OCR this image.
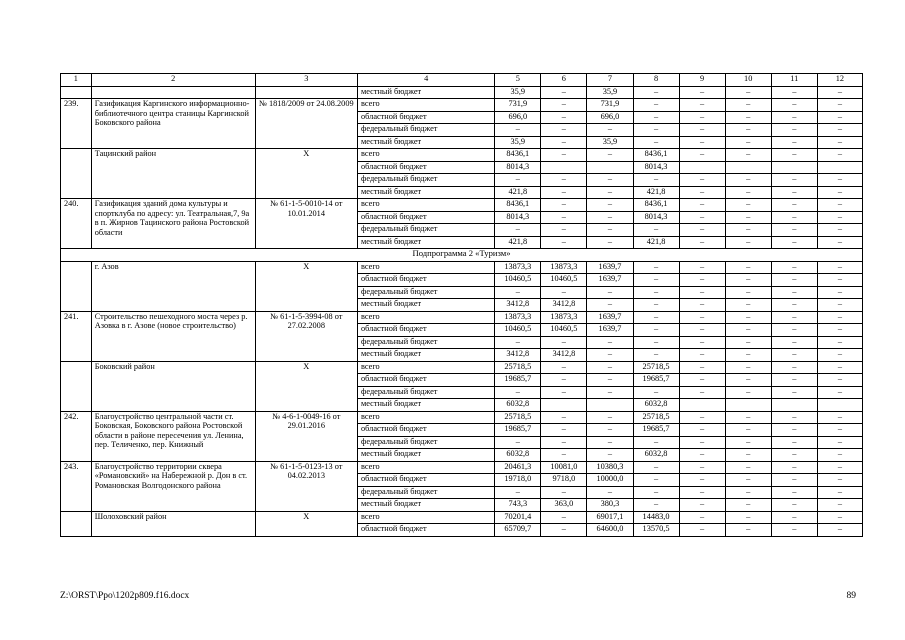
1	2	3	4	5	6	7	8	9	10	11	12
			местный бюджет	35,9	–	35,9	–	–	–	–	–
239.	Газификация Каргинского информационно-библиотечного центра станицы Каргинской Боковского района	№ 1818/2009 от 24.08.2009	всего	731,9	–	731,9	–	–	–	–	–
			областной бюджет	696,0	–	696,0	–	–	–	–	–
			федеральный бюджет	–	–	–	–	–	–	–	–
			местный бюджет	35,9	–	35,9	–	–	–	–	–
	Тацинский район	Х	всего	8436,1	–	–	8436,1	–	–	–	–
			областной бюджет	8014,3			8014,3				
			федеральный бюджет	–	–	–	–	–	–	–	–
			местный бюджет	421,8	–	–	421,8	–	–	–	–
240.	Газификация зданий дома культуры и спортклуба по адресу: ул. Театральная,7, 9а в п. Жирнов Тацинского района Ростовской области	№ 61-1-5-0010-14 от 10.01.2014	всего	8436,1	–	–	8436,1	–	–	–	–
			областной бюджет	8014,3	–	–	8014,3	–	–	–	–
			федеральный бюджет	–	–	–	–	–	–	–	–
			местный бюджет	421,8	–	–	421,8	–	–	–	–
Подпрограмма 2 «Туризм»											
	г. Азов	Х	всего	13873,3	13873,3	1639,7	–	–	–	–	–
			областной бюджет	10460,5	10460,5	1639,7	–	–	–	–	–
			федеральный бюджет	–	–	–	–	–	–	–	–
			местный бюджет	3412,8	3412,8	–	–	–	–	–	–
241.	Строительство пешеходного моста через р. Азовка в г. Азове (новое строительство)	№ 61-1-5-3994-08 от 27.02.2008	всего	13873,3	13873,3	1639,7	–	–	–	–	–
			областной бюджет	10460,5	10460,5	1639,7	–	–	–	–	–
			федеральный бюджет	–	–	–	–	–	–	–	–
			местный бюджет	3412,8	3412,8	–	–	–	–	–	–
	Боковский район	Х	всего	25718,5	–	–	25718,5	–	–	–	–
			областной бюджет	19685,7	–	–	19685,7	–	–	–	–
			федеральный бюджет	–	–	–	–	–	–	–	–
			местный бюджет	6032,8			6032,8				
242.	Благоустройство центральной части ст. Боковская, Боковского района Ростовской области в районе пересечения ул. Ленина, пер. Теличенко, пер. Книжный	№ 4-6-1-0049-16 от 29.01.2016	всего	25718,5	–	–	25718,5	–	–	–	–
			областной бюджет	19685,7	–	–	19685,7	–	–	–	–
			федеральный бюджет	–	–	–	–	–	–	–	–
			местный бюджет	6032,8	–	–	6032,8	–	–	–	–
243.	Благоустройство территории сквера «Романовский» на Набережной р. Дон в ст. Романовская Волгодонского района	№ 61-1-5-0123-13 от 04.02.2013	всего	20461,3	10081,0	10380,3	–	–	–	–	–
			областной бюджет	19718,0	9718,0	10000,0	–	–	–	–	–
			федеральный бюджет	–	–	–	–	–	–	–	–
			местный бюджет	743,3	363,0	380,3	–	–	–	–	–
	Шолоховский район	Х	всего	70201,4	–	69017,1	14483,0	–	–	–	–
			областной бюджет	65709,7	–	64600,0	13570,5	–	–	–	–
Z:\ORST\Ppo\1202p809.f16.docx	89
